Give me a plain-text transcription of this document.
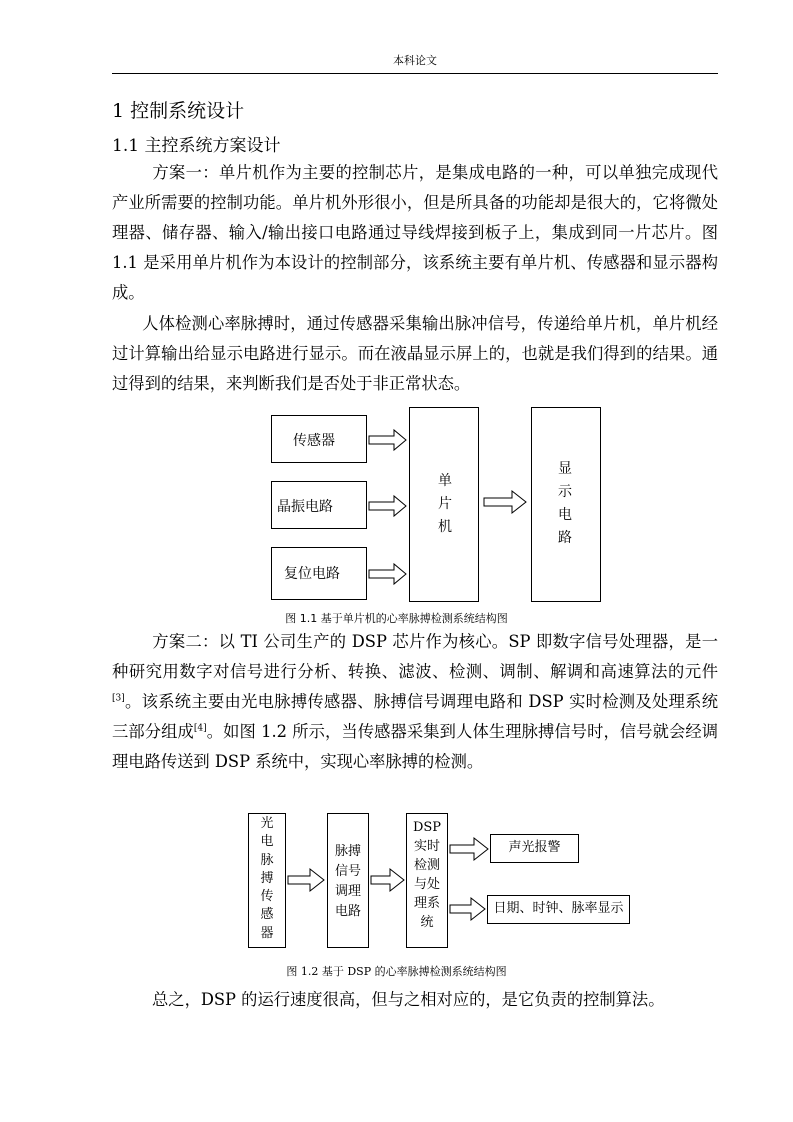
本科论文
1 控制系统设计
1.1 主控系统方案设计

方案一：单片机作为主要的控制芯片，是集成电路的一种，可以单独完成现代产业所需要的控制功能。单片机外形很小，但是所具备的功能却是很大的，它将微处理器、储存器、输入/输出接口电路通过导线焊接到板子上，集成到同一片芯片。图 1.1 是采用单片机作为本设计的控制部分，该系统主要有单片机、传感器和显示器构成。

人体检测心率脉搏时，通过传感器采集输出脉冲信号，传递给单片机，单片机经过计算输出给显示电路进行显示。而在液晶显示屏上的，也就是我们得到的结果。通过得到的结果，来判断我们是否处于非正常状态。

传感器
晶振电路
复位电路
单
片
机
显
示
电
路
图 1.1 基于单片机的心率脉搏检测系统结构图

方案二：以 TI 公司生产的 DSP 芯片作为核心。SP 即数字信号处理器，是一种研究用数字对信号进行分析、转换、滤波、检测、调制、解调和高速算法的元件[3]。该系统主要由光电脉搏传感器、脉搏信号调理电路和 DSP 实时检测及处理系统三部分组成[4]。如图 1.2 所示，当传感器采集到人体生理脉搏信号时，信号就会经调理电路传送到 DSP 系统中，实现心率脉搏的检测。

光
电
脉
搏
传
感
器
脉搏
信号
调理
电路
DSP
实时
检测
与处
理系
统
声光报警
日期、时钟、脉率显示
图 1.2 基于 DSP 的心率脉搏检测系统结构图

总之，DSP 的运行速度很高，但与之相对应的，是它负责的控制算法。
